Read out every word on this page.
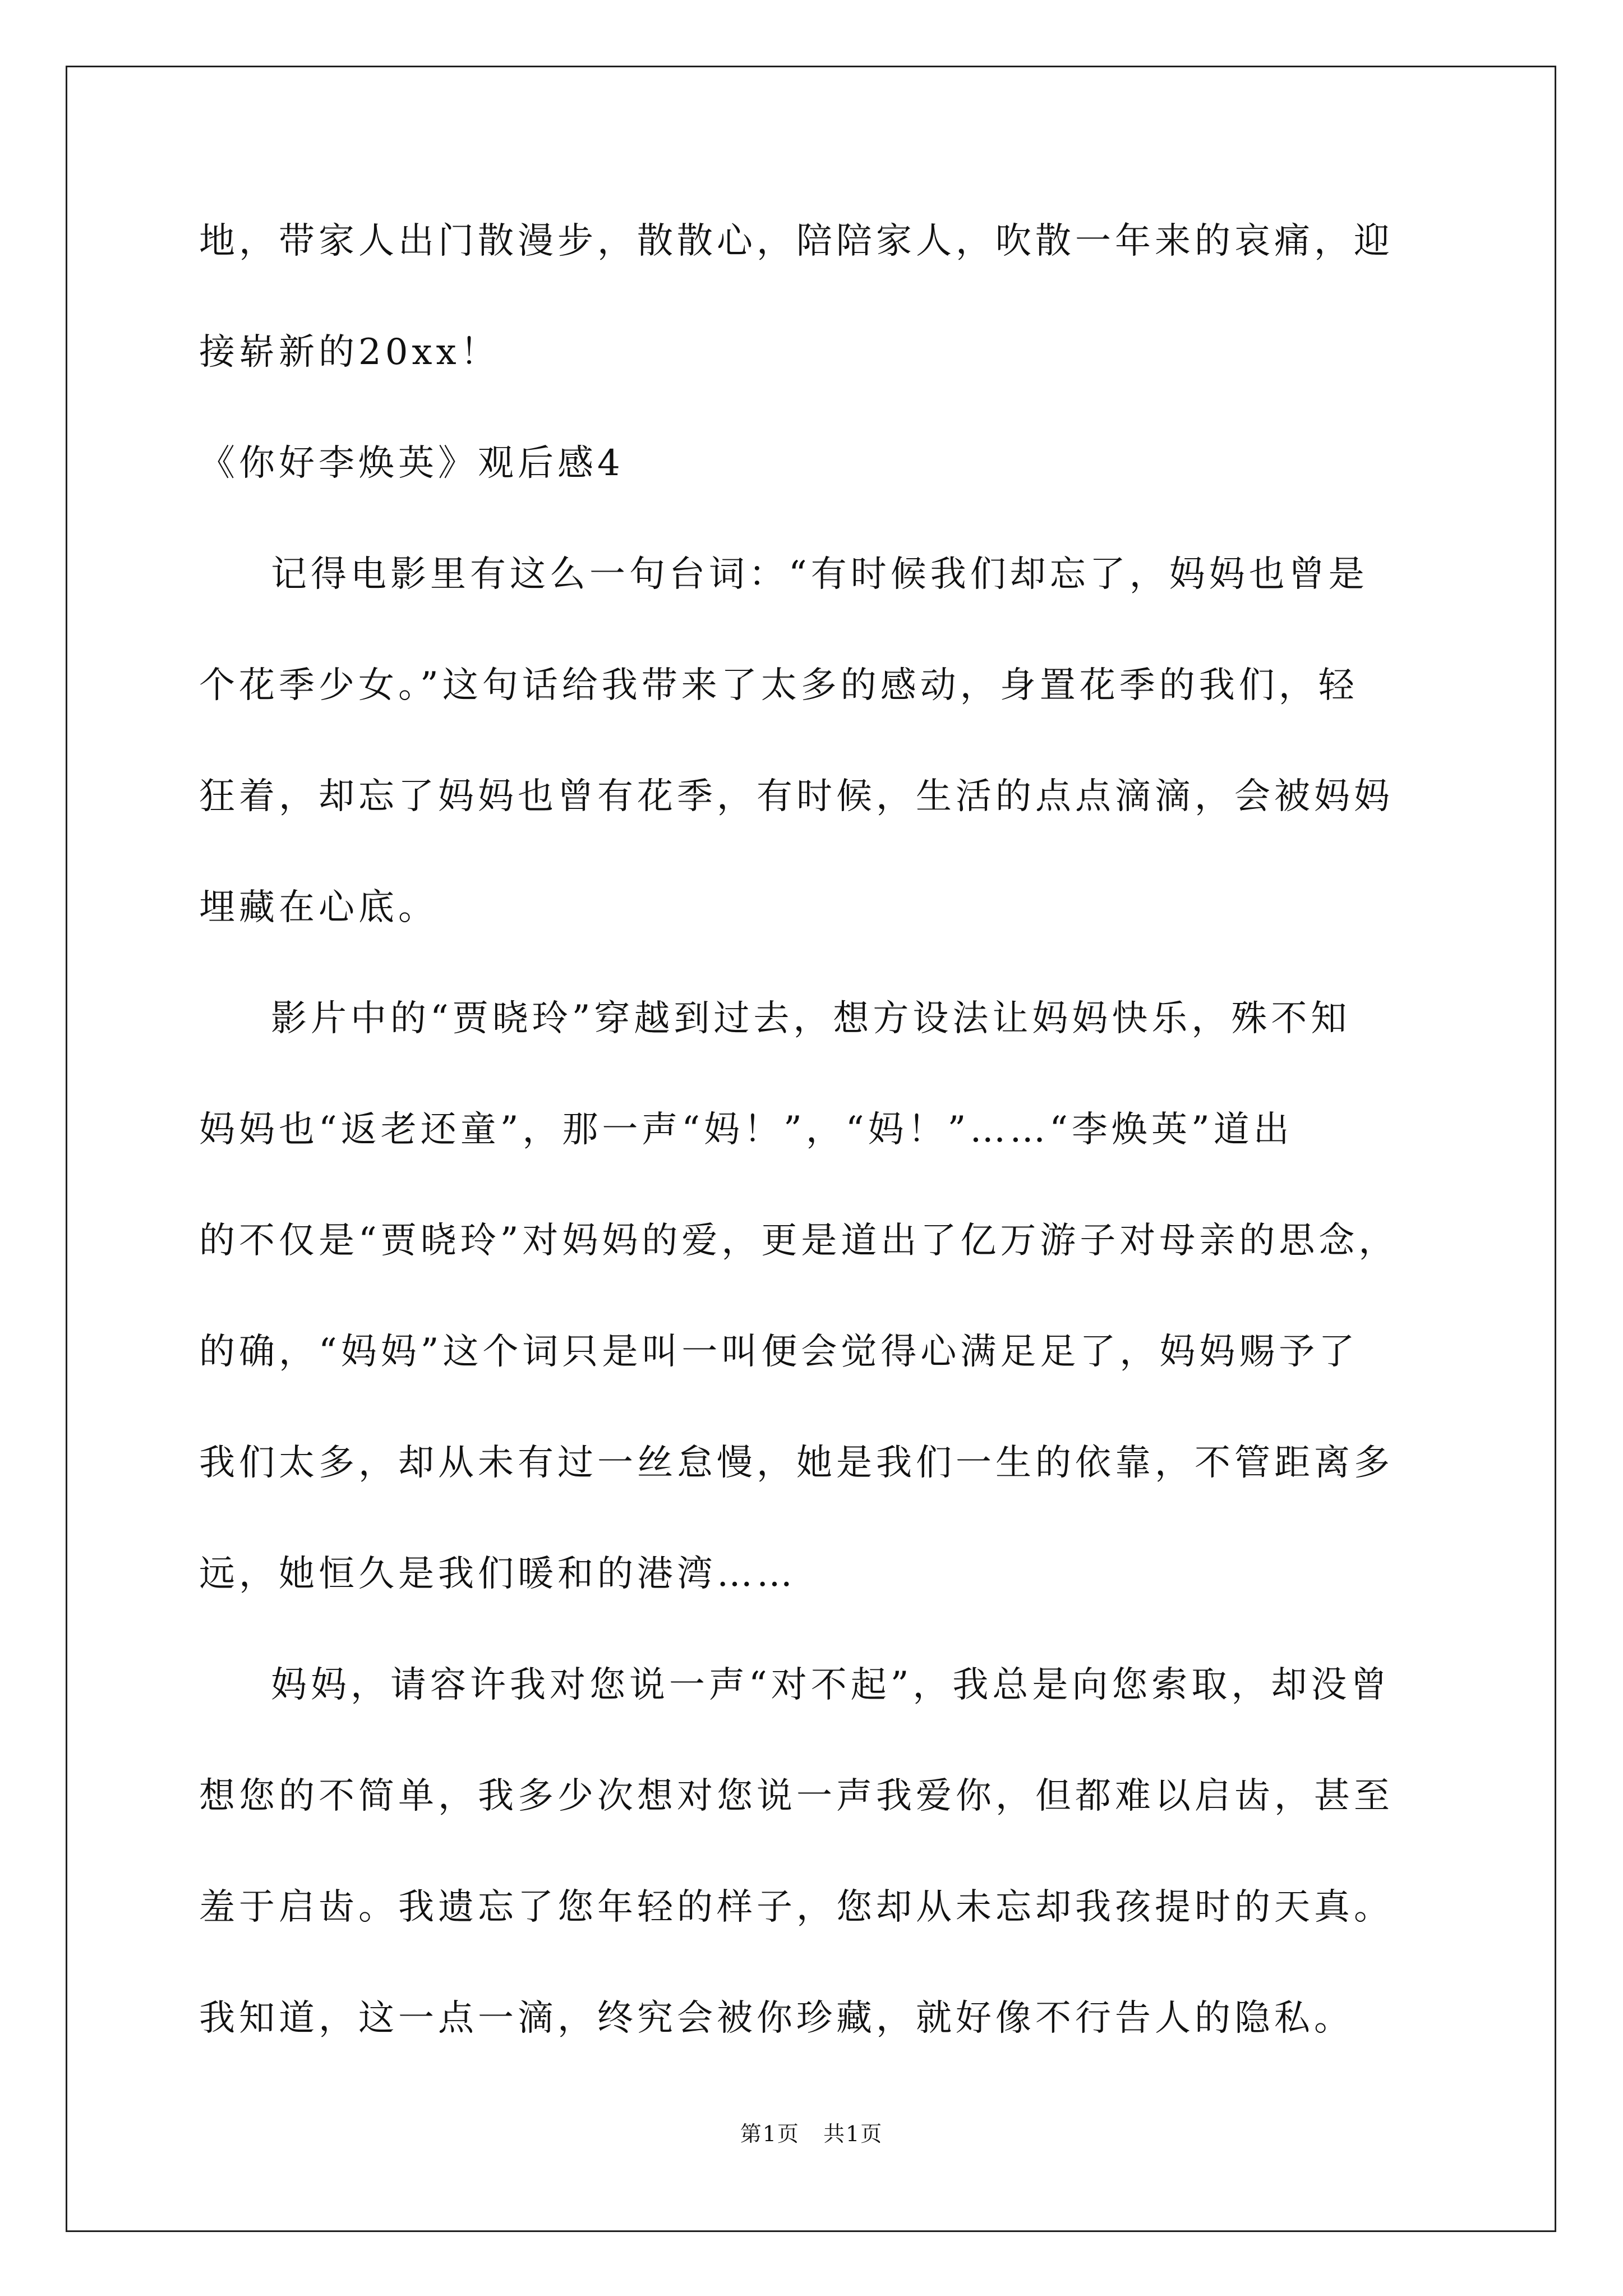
地，带家人出门散漫步，散散心，陪陪家人，吹散一年来的哀痛，迎
接崭新的20xx！
《你好李焕英》观后感4
记得电影里有这么一句台词：“有时候我们却忘了，妈妈也曾是
个花季少女。”这句话给我带来了太多的感动，身置花季的我们，轻
狂着，却忘了妈妈也曾有花季，有时候，生活的点点滴滴，会被妈妈
埋藏在心底。
影片中的“贾晓玲”穿越到过去，想方设法让妈妈快乐，殊不知
妈妈也“返老还童”，那一声“妈！”，“妈！”……“李焕英”道出
的不仅是“贾晓玲”对妈妈的爱，更是道出了亿万游子对母亲的思念，
的确，“妈妈”这个词只是叫一叫便会觉得心满足足了，妈妈赐予了
我们太多，却从未有过一丝怠慢，她是我们一生的依靠，不管距离多
远，她恒久是我们暖和的港湾……
妈妈，请容许我对您说一声“对不起”，我总是向您索取，却没曾
想您的不简单，我多少次想对您说一声我爱你，但都难以启齿，甚至
羞于启齿。我遗忘了您年轻的样子，您却从未忘却我孩提时的天真。
我知道，这一点一滴，终究会被你珍藏，就好像不行告人的隐私。
第1页   共1页
